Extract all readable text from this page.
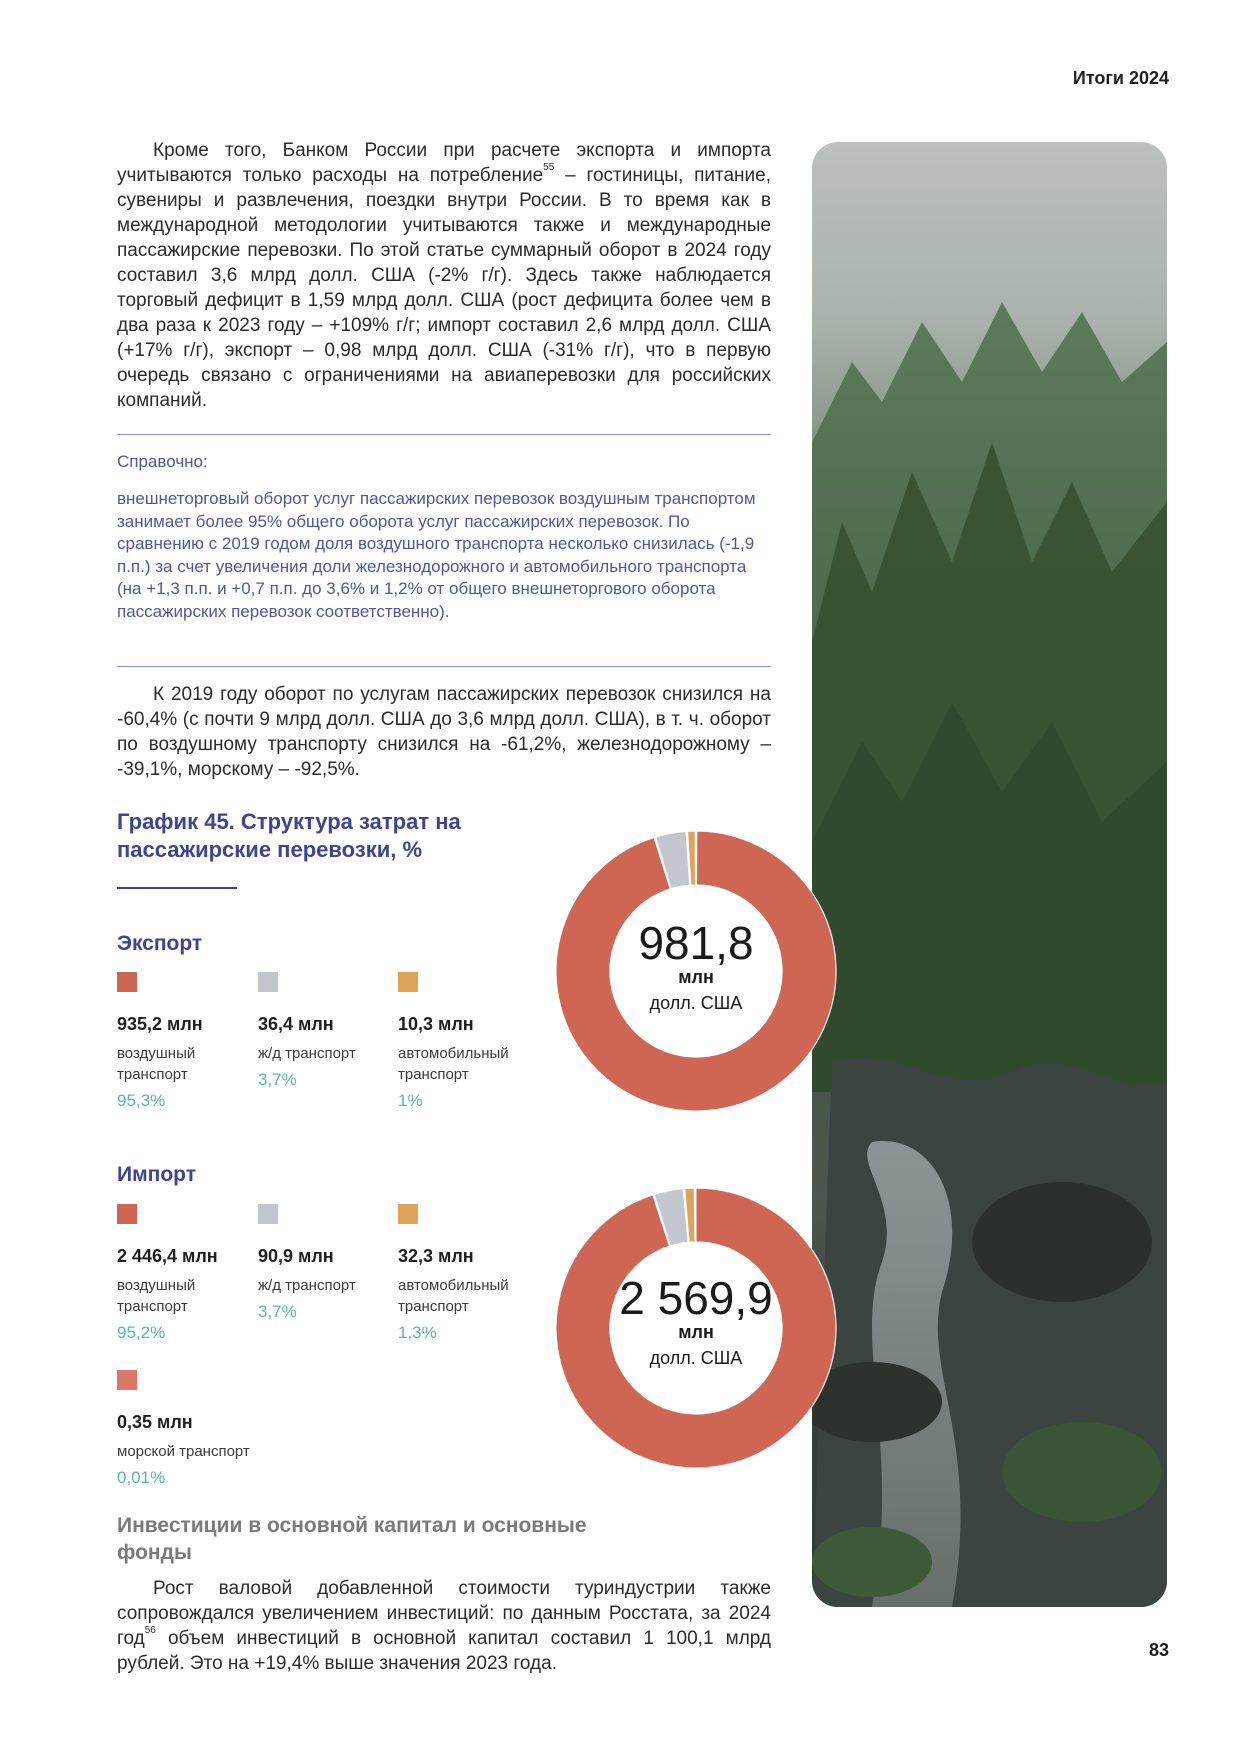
Итоги 2024

Кроме того, Банком России при расчете экспорта и импорта учитываются только расходы на потребление$^{55}$ – гостиницы, питание, сувениры и развлечения, поездки внутри России. В то время как в международной методологии учитываются также и международные пассажирские перевозки. По этой статье суммарный оборот в 2024 году составил 3,6 млрд долл. США (-2% г/г). Здесь также наблюдается торговый дефицит в 1,59 млрд долл. США (рост дефицита более чем в два раза к 2023 году – +109% г/г; импорт составил 2,6 млрд долл. США (+17% г/г), экспорт – 0,98 млрд долл. США (-31% г/г), что в первую очередь связано с ограничениями на авиаперевозки для российских компаний.

Справочно:
внешнеторговый оборот услуг пассажирских перевозок воздушным транспортом занимает более 95% общего оборота услуг пассажирских перевозок. По сравнению с 2019 годом доля воздушного транспорта несколько снизилась (-1,9 п.п.) за счет увеличения доли железнодорожного и автомобильного транспорта (на +1,3 п.п. и +0,7 п.п. до 3,6% и 1,2% от общего внешнеторгового оборота пассажирских перевозок соответственно).

К 2019 году оборот по услугам пассажирских перевозок снизился на -60,4% (с почти 9 млрд долл. США до 3,6 млрд долл. США), в т. ч. оборот по воздушному транспорту снизился на -61,2%, железнодорожному – -39,1%, морскому – -92,5%.

График 45. Структура затрат на пассажирские перевозки, %
Экспорт
935,2 млн
воздушный транспорт
95,3%
36,4 млн
ж/д транспорт
3,7%
10,3 млн
автомобильный транспорт
1%
Импорт
2 446,4 млн
воздушный транспорт
95,2%
90,9 млн
ж/д транспорт
3,7%
32,3 млн
автомобильный транспорт
1,3%
0,35 млн
морской транспорт
0,01%
981,8
млн
долл. США
2 569,9
млн
долл. США
Инвестиции в основной капитал и основные фонды

Рост валовой добавленной стоимости туриндустрии также сопровождался увеличением инвестиций: по данным Росстата, за 2024 год$^{56}$ объем инвестиций в основной капитал составил 1 100,1 млрд рублей. Это на +19,4% выше значения 2023 года.

83
